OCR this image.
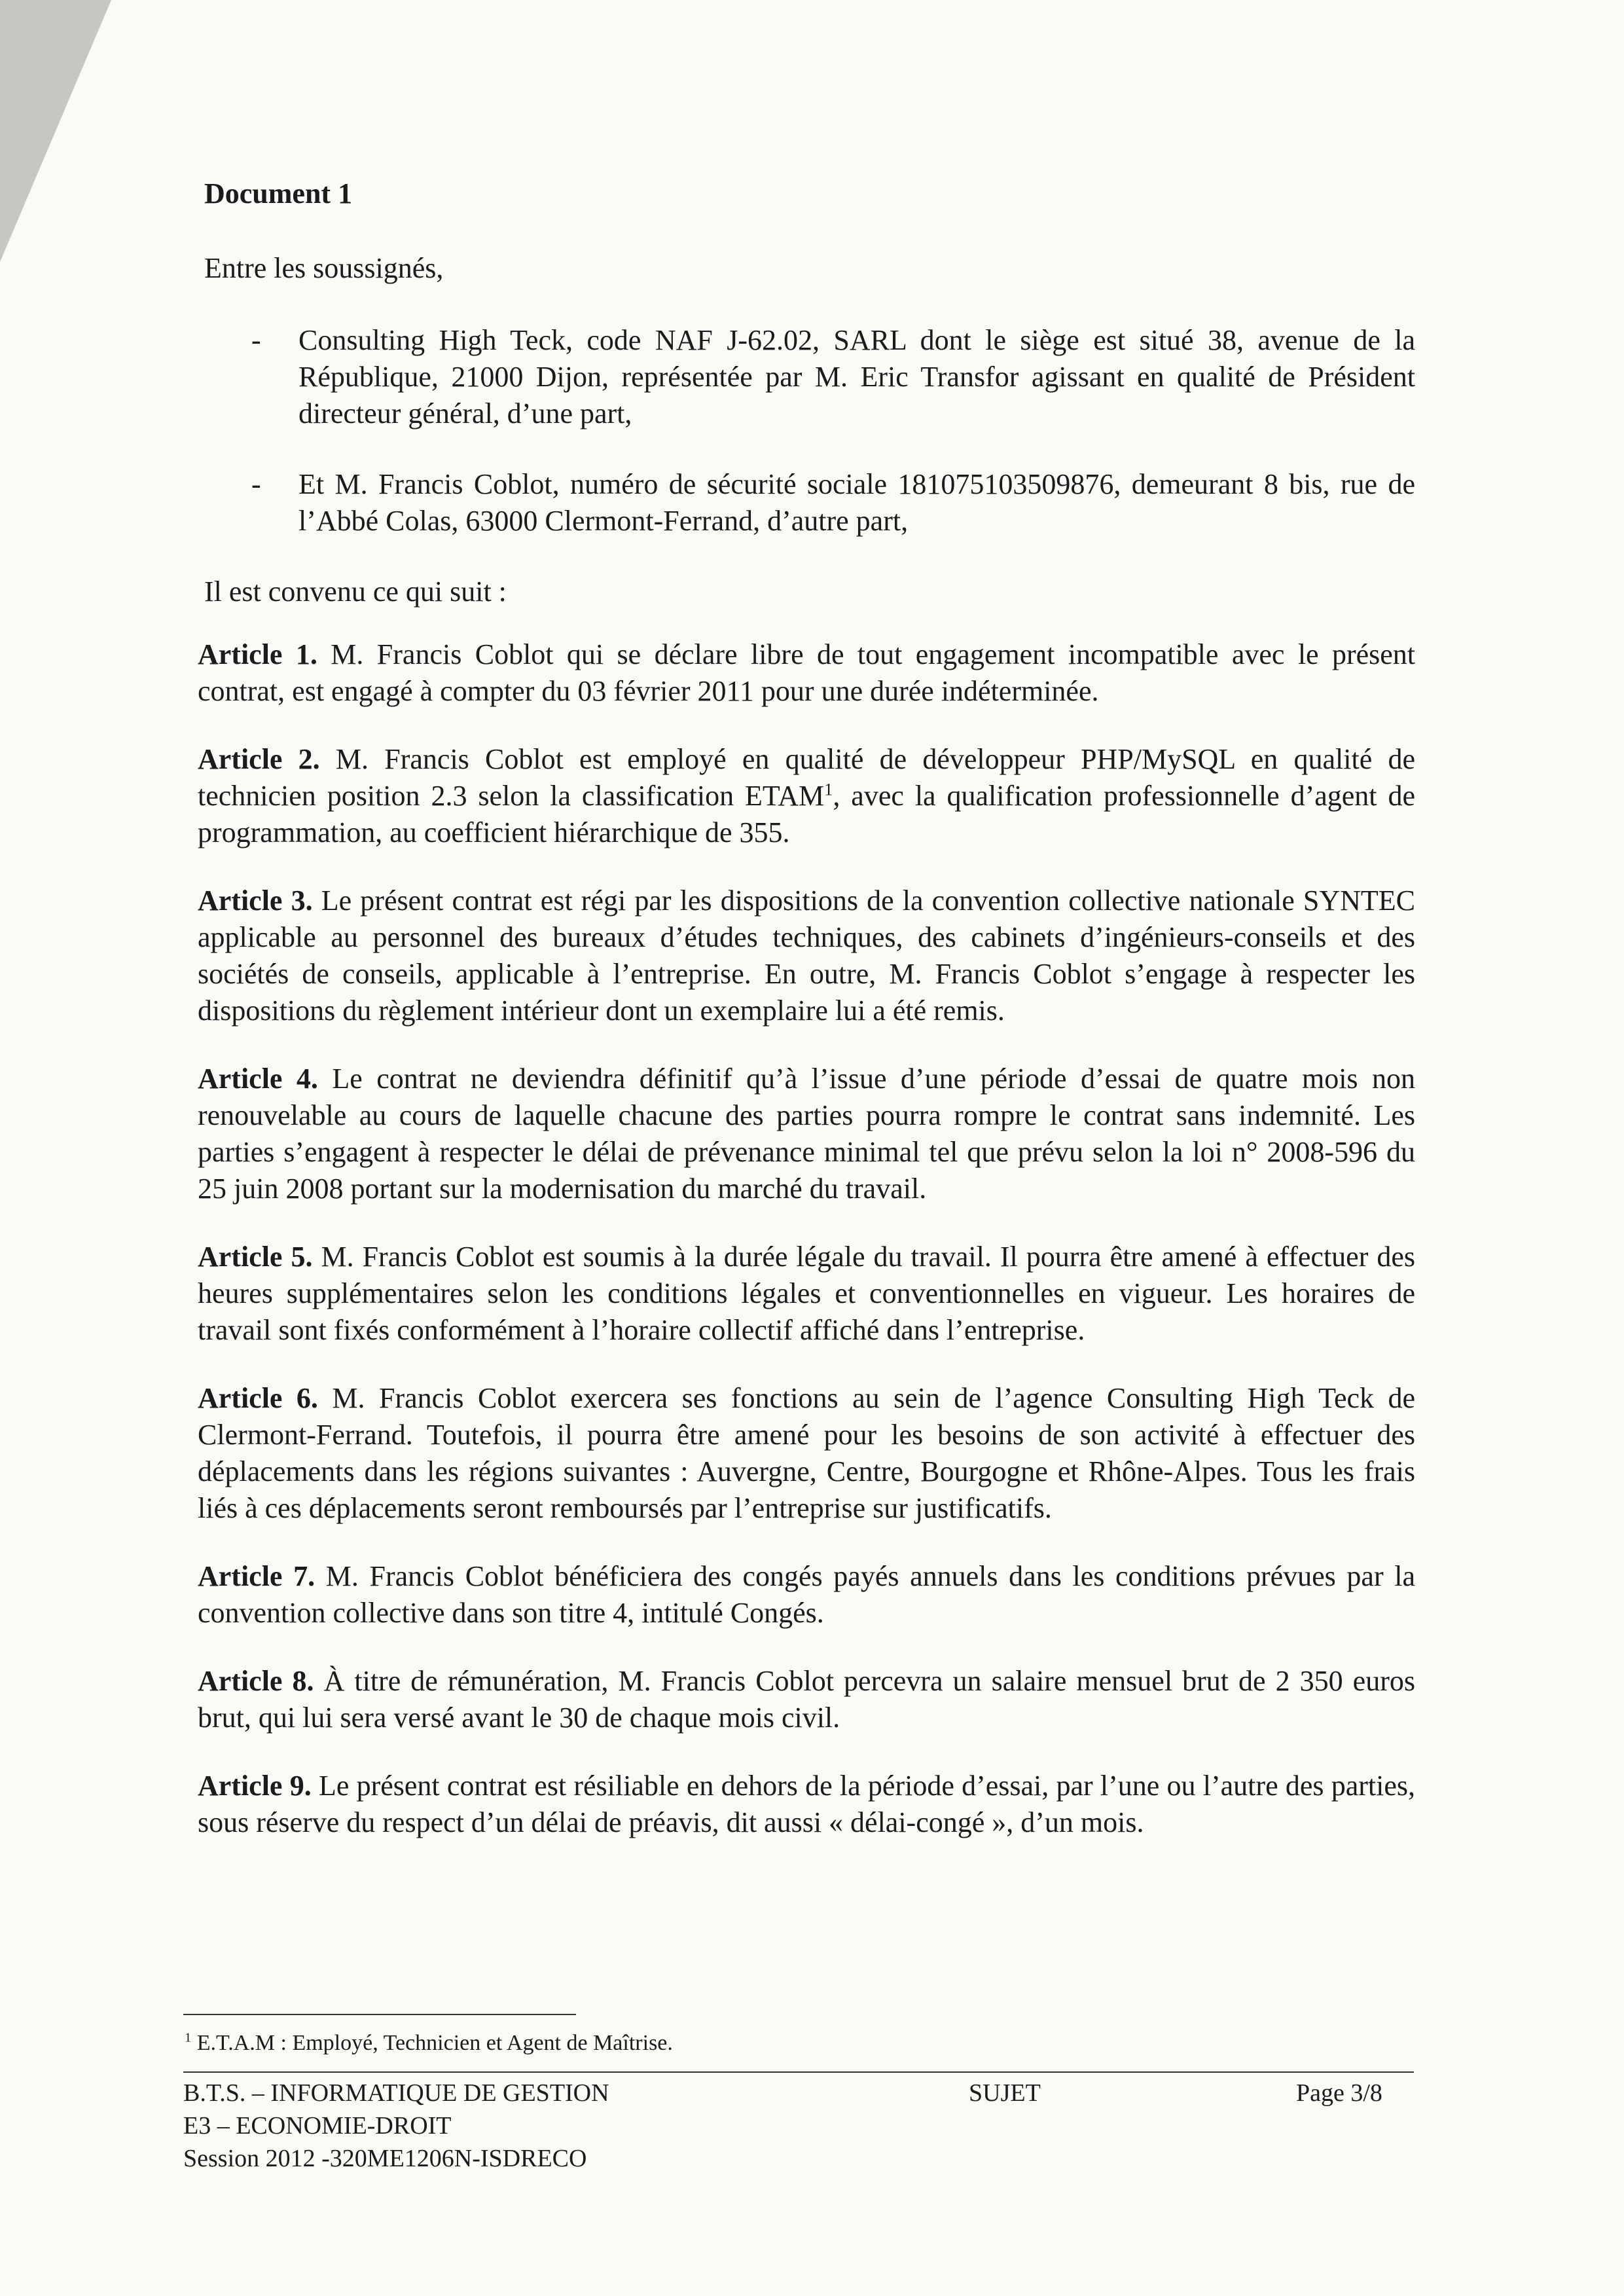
Document 1
Entre les soussignés,
- Consulting High Teck, code NAF J-62.02, SARL dont le siège est situé 38, avenue de la République, 21000 Dijon, représentée par M. Eric Transfor agissant en qualité de Président directeur général, d’une part,
- Et M. Francis Coblot, numéro de sécurité sociale 181075103509876, demeurant 8 bis, rue de l’Abbé Colas, 63000 Clermont-Ferrand, d’autre part,
Il est convenu ce qui suit :
Article 1. M. Francis Coblot qui se déclare libre de tout engagement incompatible avec le présent contrat, est engagé à compter du 03 février 2011 pour une durée indéterminée.
Article 2. M. Francis Coblot est employé en qualité de développeur PHP/MySQL en qualité de technicien position 2.3 selon la classification ETAM$^1$, avec la qualification professionnelle d’agent de programmation, au coefficient hiérarchique de 355.
Article 3. Le présent contrat est régi par les dispositions de la convention collective nationale SYNTEC applicable au personnel des bureaux d’études techniques, des cabinets d’ingénieurs-conseils et des sociétés de conseils, applicable à l’entreprise. En outre, M. Francis Coblot s’engage à respecter les dispositions du règlement intérieur dont un exemplaire lui a été remis.
Article 4. Le contrat ne deviendra définitif qu’à l’issue d’une période d’essai de quatre mois non renouvelable au cours de laquelle chacune des parties pourra rompre le contrat sans indemnité. Les parties s’engagent à respecter le délai de prévenance minimal tel que prévu selon la loi n° 2008-596 du 25 juin 2008 portant sur la modernisation du marché du travail.
Article 5. M. Francis Coblot est soumis à la durée légale du travail. Il pourra être amené à effectuer des heures supplémentaires selon les conditions légales et conventionnelles en vigueur. Les horaires de travail sont fixés conformément à l’horaire collectif affiché dans l’entreprise.
Article 6. M. Francis Coblot exercera ses fonctions au sein de l’agence Consulting High Teck de Clermont-Ferrand. Toutefois, il pourra être amené pour les besoins de son activité à effectuer des déplacements dans les régions suivantes : Auvergne, Centre, Bourgogne et Rhône-Alpes. Tous les frais liés à ces déplacements seront remboursés par l’entreprise sur justificatifs.
Article 7. M. Francis Coblot bénéficiera des congés payés annuels dans les conditions prévues par la convention collective dans son titre 4, intitulé Congés.
Article 8. À titre de rémunération, M. Francis Coblot percevra un salaire mensuel brut de 2 350 euros brut, qui lui sera versé avant le 30 de chaque mois civil.
Article 9. Le présent contrat est résiliable en dehors de la période d’essai, par l’une ou l’autre des parties, sous réserve du respect d’un délai de préavis, dit aussi « délai-congé », d’un mois.
$^1$ E.T.A.M : Employé, Technicien et Agent de Maîtrise.
B.T.S. – INFORMATIQUE DE GESTION
E3 – ECONOMIE-DROIT
Session 2012 -320ME1206N-ISDRECO
SUJET	Page 3/8
